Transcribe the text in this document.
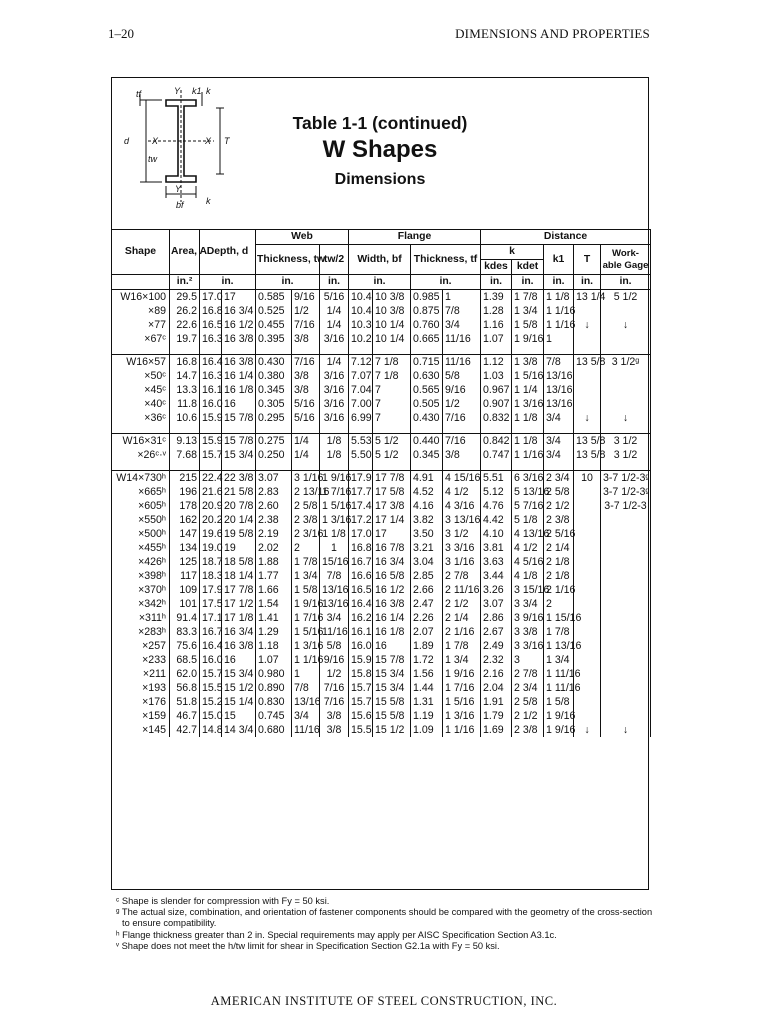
1–20	DIMENSIONS AND PROPERTIES
tf	Y k1 k
d	X	X T
tw
Y
bf k
Table 1-1 (continued)
W Shapes
Dimensions
Shape	Area, A	Depth, d		Web			Flange				Distance				
				Thickness, tw		tw/2	Width, bf		Thickness, tf		k		k1	T	Work- able Gage
											kdes	kdet			
	in.²	in.		in.		in.	in.		in.		in.	in.	in.	in.	in.
W16×100	29.5	17.0	17	0.585	9/16	5/16	10.4	10 3/8	0.985	1	1.39	1 7/8	1 1/8	13 1/4	5 1/2
×89	26.2	16.8	16 3/4	0.525	1/2	1/4	10.4	10 3/8	0.875	7/8	1.28	1 3/4	1 1/16		
×77	22.6	16.5	16 1/2	0.455	7/16	1/4	10.3	10 1/4	0.760	3/4	1.16	1 5/8	1 1/16	↓	↓
×67ᶜ	19.7	16.3	16 3/8	0.395	3/8	3/16	10.2	10 1/4	0.665	11/16	1.07	1 9/16	1		

W16×57	16.8	16.4	16 3/8	0.430	7/16	1/4	7.12	7 1/8	0.715	11/16	1.12	1 3/8	7/8	13 5/8	3 1/2ᵍ
×50ᶜ	14.7	16.3	16 1/4	0.380	3/8	3/16	7.07	7 1/8	0.630	5/8	1.03	1 5/16	13/16		
×45ᶜ	13.3	16.1	16 1/8	0.345	3/8	3/16	7.04	7	0.565	9/16	0.967	1 1/4	13/16		
×40ᶜ	11.8	16.0	16	0.305	5/16	3/16	7.00	7	0.505	1/2	0.907	1 3/16	13/16		
×36ᶜ	10.6	15.9	15 7/8	0.295	5/16	3/16	6.99	7	0.430	7/16	0.832	1 1/8	3/4	↓	↓

W16×31ᶜ	9.13	15.9	15 7/8	0.275	1/4	1/8	5.53	5 1/2	0.440	7/16	0.842	1 1/8	3/4	13 5/8	3 1/2
×26ᶜ·ᵛ	7.68	15.7	15 3/4	0.250	1/4	1/8	5.50	5 1/2	0.345	3/8	0.747	1 1/16	3/4	13 5/8	3 1/2

W14×730ʰ	215	22.4	22 3/8	3.07	3 1/16	1 9/16	17.9	17 7/8	4.91	4 15/16	5.51	6 3/16	2 3/4	10	3-7 1/2-3ᵍ
×665ʰ	196	21.6	21 5/8	2.83	2 13/16	1 7/16	17.7	17 5/8	4.52	4 1/2	5.12	5 13/16	2 5/8		3-7 1/2-3ᵍ
×605ʰ	178	20.9	20 7/8	2.60	2 5/8	1 5/16	17.4	17 3/8	4.16	4 3/16	4.76	5 7/16	2 1/2		3-7 1/2-3
×550ʰ	162	20.2	20 1/4	2.38	2 3/8	1 3/16	17.2	17 1/4	3.82	3 13/16	4.42	5 1/8	2 3/8		
×500ʰ	147	19.6	19 5/8	2.19	2 3/16	1 1/8	17.0	17	3.50	3 1/2	4.10	4 13/16	2 5/16		
×455ʰ	134	19.0	19	2.02	2	1	16.8	16 7/8	3.21	3 3/16	3.81	4 1/2	2 1/4		
×426ʰ	125	18.7	18 5/8	1.88	1 7/8	15/16	16.7	16 3/4	3.04	3 1/16	3.63	4 5/16	2 1/8		
×398ʰ	117	18.3	18 1/4	1.77	1 3/4	7/8	16.6	16 5/8	2.85	2 7/8	3.44	4 1/8	2 1/8		
×370ʰ	109	17.9	17 7/8	1.66	1 5/8	13/16	16.5	16 1/2	2.66	2 11/16	3.26	3 15/16	2 1/16		
×342ʰ	101	17.5	17 1/2	1.54	1 9/16	13/16	16.4	16 3/8	2.47	2 1/2	3.07	3 3/4	2		
×311ʰ	91.4	17.1	17 1/8	1.41	1 7/16	3/4	16.2	16 1/4	2.26	2 1/4	2.86	3 9/16	1 15/16		
×283ʰ	83.3	16.7	16 3/4	1.29	1 5/16	11/16	16.1	16 1/8	2.07	2 1/16	2.67	3 3/8	1 7/8		
×257	75.6	16.4	16 3/8	1.18	1 3/16	5/8	16.0	16	1.89	1 7/8	2.49	3 3/16	1 13/16		
×233	68.5	16.0	16	1.07	1 1/16	9/16	15.9	15 7/8	1.72	1 3/4	2.32	3	1 3/4		
×211	62.0	15.7	15 3/4	0.980	1	1/2	15.8	15 3/4	1.56	1 9/16	2.16	2 7/8	1 11/16		
×193	56.8	15.5	15 1/2	0.890	7/8	7/16	15.7	15 3/4	1.44	1 7/16	2.04	2 3/4	1 11/16		
×176	51.8	15.2	15 1/4	0.830	13/16	7/16	15.7	15 5/8	1.31	1 5/16	1.91	2 5/8	1 5/8		
×159	46.7	15.0	15	0.745	3/4	3/8	15.6	15 5/8	1.19	1 3/16	1.79	2 1/2	1 9/16		
×145	42.7	14.8	14 3/4	0.680	11/16	3/8	15.5	15 1/2	1.09	1 1/16	1.69	2 3/8	1 9/16	↓	↓
ᶜ Shape is slender for compression with Fy = 50 ksi.
ᵍ The actual size, combination, and orientation of fastener components should be compared with the geometry of the cross-section
to ensure compatibility.
ʰ Flange thickness greater than 2 in. Special requirements may apply per AISC Specification Section A3.1c.
ᵛ Shape does not meet the h/tw limit for shear in Specification Section G2.1a with Fy = 50 ksi.
AMERICAN INSTITUTE OF STEEL CONSTRUCTION, INC.
